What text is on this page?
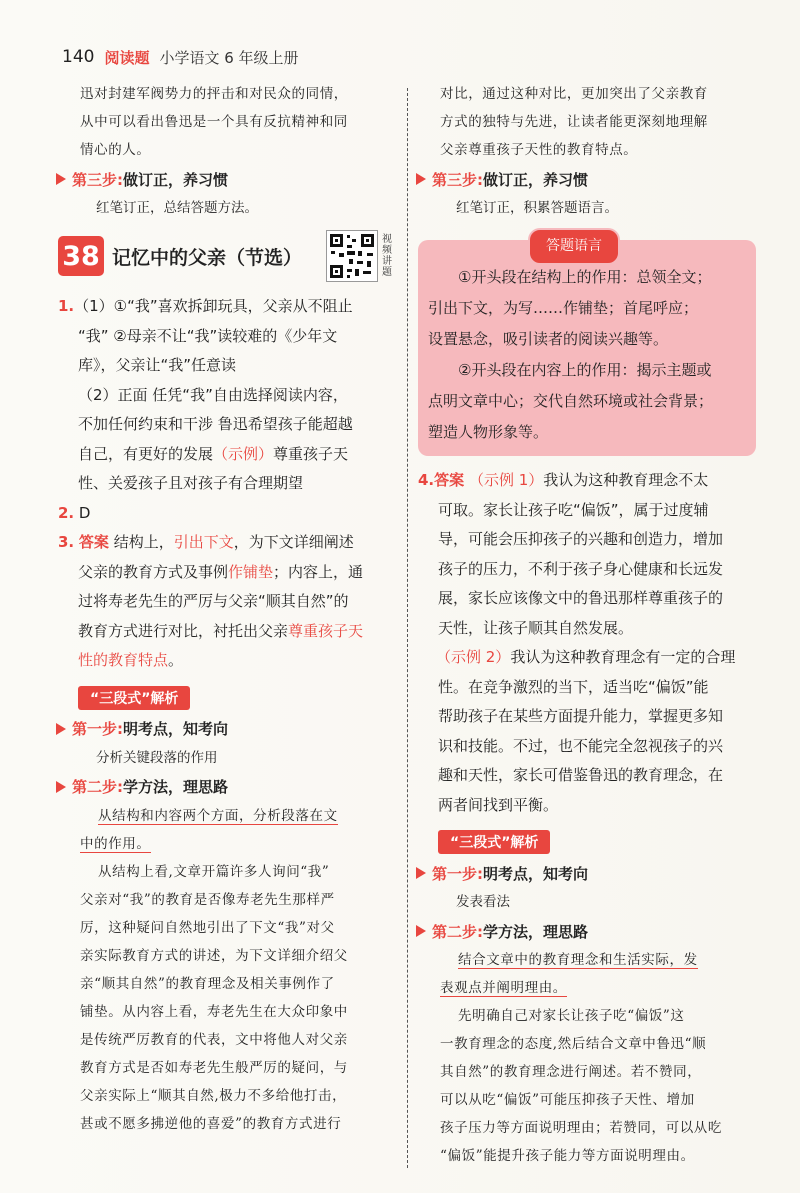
140 阅读题 小学语文 6 年级上册

迅对封建军阀势力的抨击和对民众的同情，

从中可以看出鲁迅是一个具有反抗精神和同

情心的人。

第三步: 做订正，养习惯

红笔订正，总结答题方法。

38 记忆中的父亲（节选）
视频讲题

1.（1）①“我”喜欢拆卸玩具，父亲从不阻止

“我” ②母亲不让“我”读较难的《少年文

库》，父亲让“我”任意读

（2）正面 任凭“我”自由选择阅读内容，

不加任何约束和干涉 鲁迅希望孩子能超越

自己，有更好的发展（示例）尊重孩子天

性、关爱孩子且对孩子有合理期望

2. D

3. 答案 结构上，引出下文，为下文详细阐述

父亲的教育方式及事例作铺垫；内容上，通

过将寿老先生的严厉与父亲“顺其自然”的

教育方式进行对比，衬托出父亲尊重孩子天

性的教育特点。

“三段式”解析
第一步: 明考点，知考向

分析关键段落的作用

第二步: 学方法，理思路

从结构和内容两个方面，分析段落在文

中的作用。

从结构上看,文章开篇许多人询问“我”

父亲对“我”的教育是否像寿老先生那样严

厉，这种疑问自然地引出了下文“我”对父

亲实际教育方式的讲述，为下文详细介绍父

亲“顺其自然”的教育理念及相关事例作了

铺垫。从内容上看，寿老先生在大众印象中

是传统严厉教育的代表，文中将他人对父亲

教育方式是否如寿老先生般严厉的疑问，与

父亲实际上“顺其自然,极力不多给他打击，

甚或不愿多拂逆他的喜爱”的教育方式进行

对比，通过这种对比，更加突出了父亲教育

方式的独特与先进，让读者能更深刻地理解

父亲尊重孩子天性的教育特点。

第三步: 做订正，养习惯

红笔订正，积累答题语言。

答题语言

①开头段在结构上的作用：总领全文；

引出下文，为写……作铺垫；首尾呼应；

设置悬念，吸引读者的阅读兴趣等。

②开头段在内容上的作用：揭示主题或

点明文章中心；交代自然环境或社会背景；

塑造人物形象等。

4.答案 （示例 1）我认为这种教育理念不太

可取。家长让孩子吃“偏饭”，属于过度辅

导，可能会压抑孩子的兴趣和创造力，增加

孩子的压力，不利于孩子身心健康和长远发

展，家长应该像文中的鲁迅那样尊重孩子的

天性，让孩子顺其自然发展。

（示例 2）我认为这种教育理念有一定的合理

性。在竞争激烈的当下，适当吃“偏饭”能

帮助孩子在某些方面提升能力，掌握更多知

识和技能。不过，也不能完全忽视孩子的兴

趣和天性，家长可借鉴鲁迅的教育理念，在

两者间找到平衡。

“三段式”解析
第一步: 明考点，知考向

发表看法

第二步: 学方法，理思路

结合文章中的教育理念和生活实际，发

表观点并阐明理由。

先明确自己对家长让孩子吃“偏饭”这

一教育理念的态度,然后结合文章中鲁迅“顺

其自然”的教育理念进行阐述。若不赞同，

可以从吃“偏饭”可能压抑孩子天性、增加

孩子压力等方面说明理由；若赞同，可以从吃

“偏饭”能提升孩子能力等方面说明理由。
